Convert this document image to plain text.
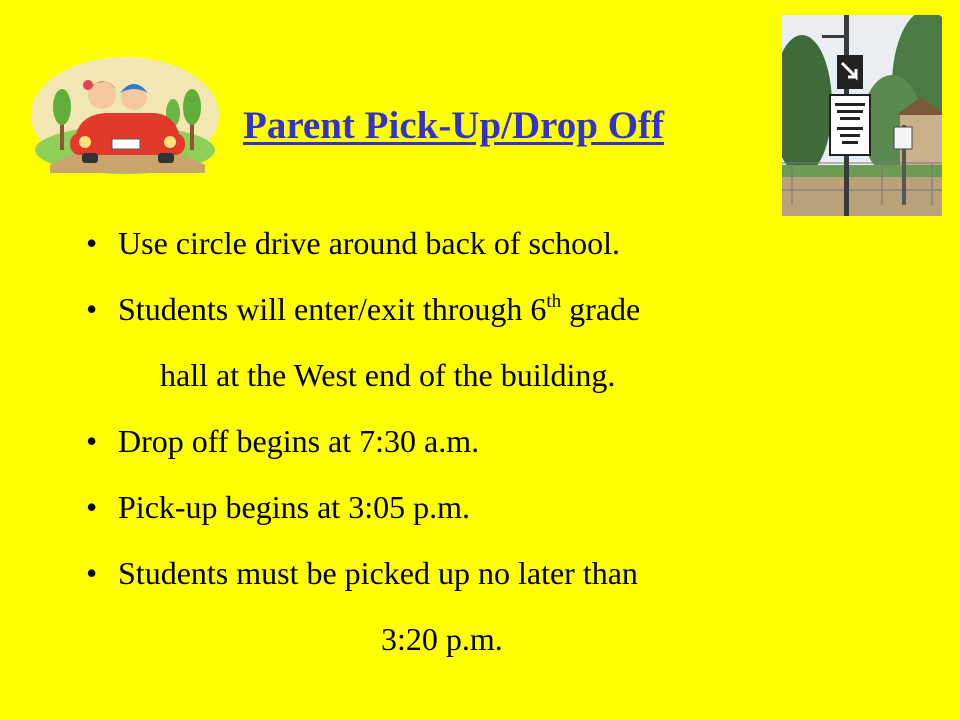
Parent Pick-Up/Drop Off
• Use circle drive around back of school.
• Students will enter/exit through 6th grade
hall at the West end of the building.
• Drop off begins at 7:30 a.m.
• Pick-up begins at 3:05 p.m.
• Students must be picked up no later than
3:20 p.m.
